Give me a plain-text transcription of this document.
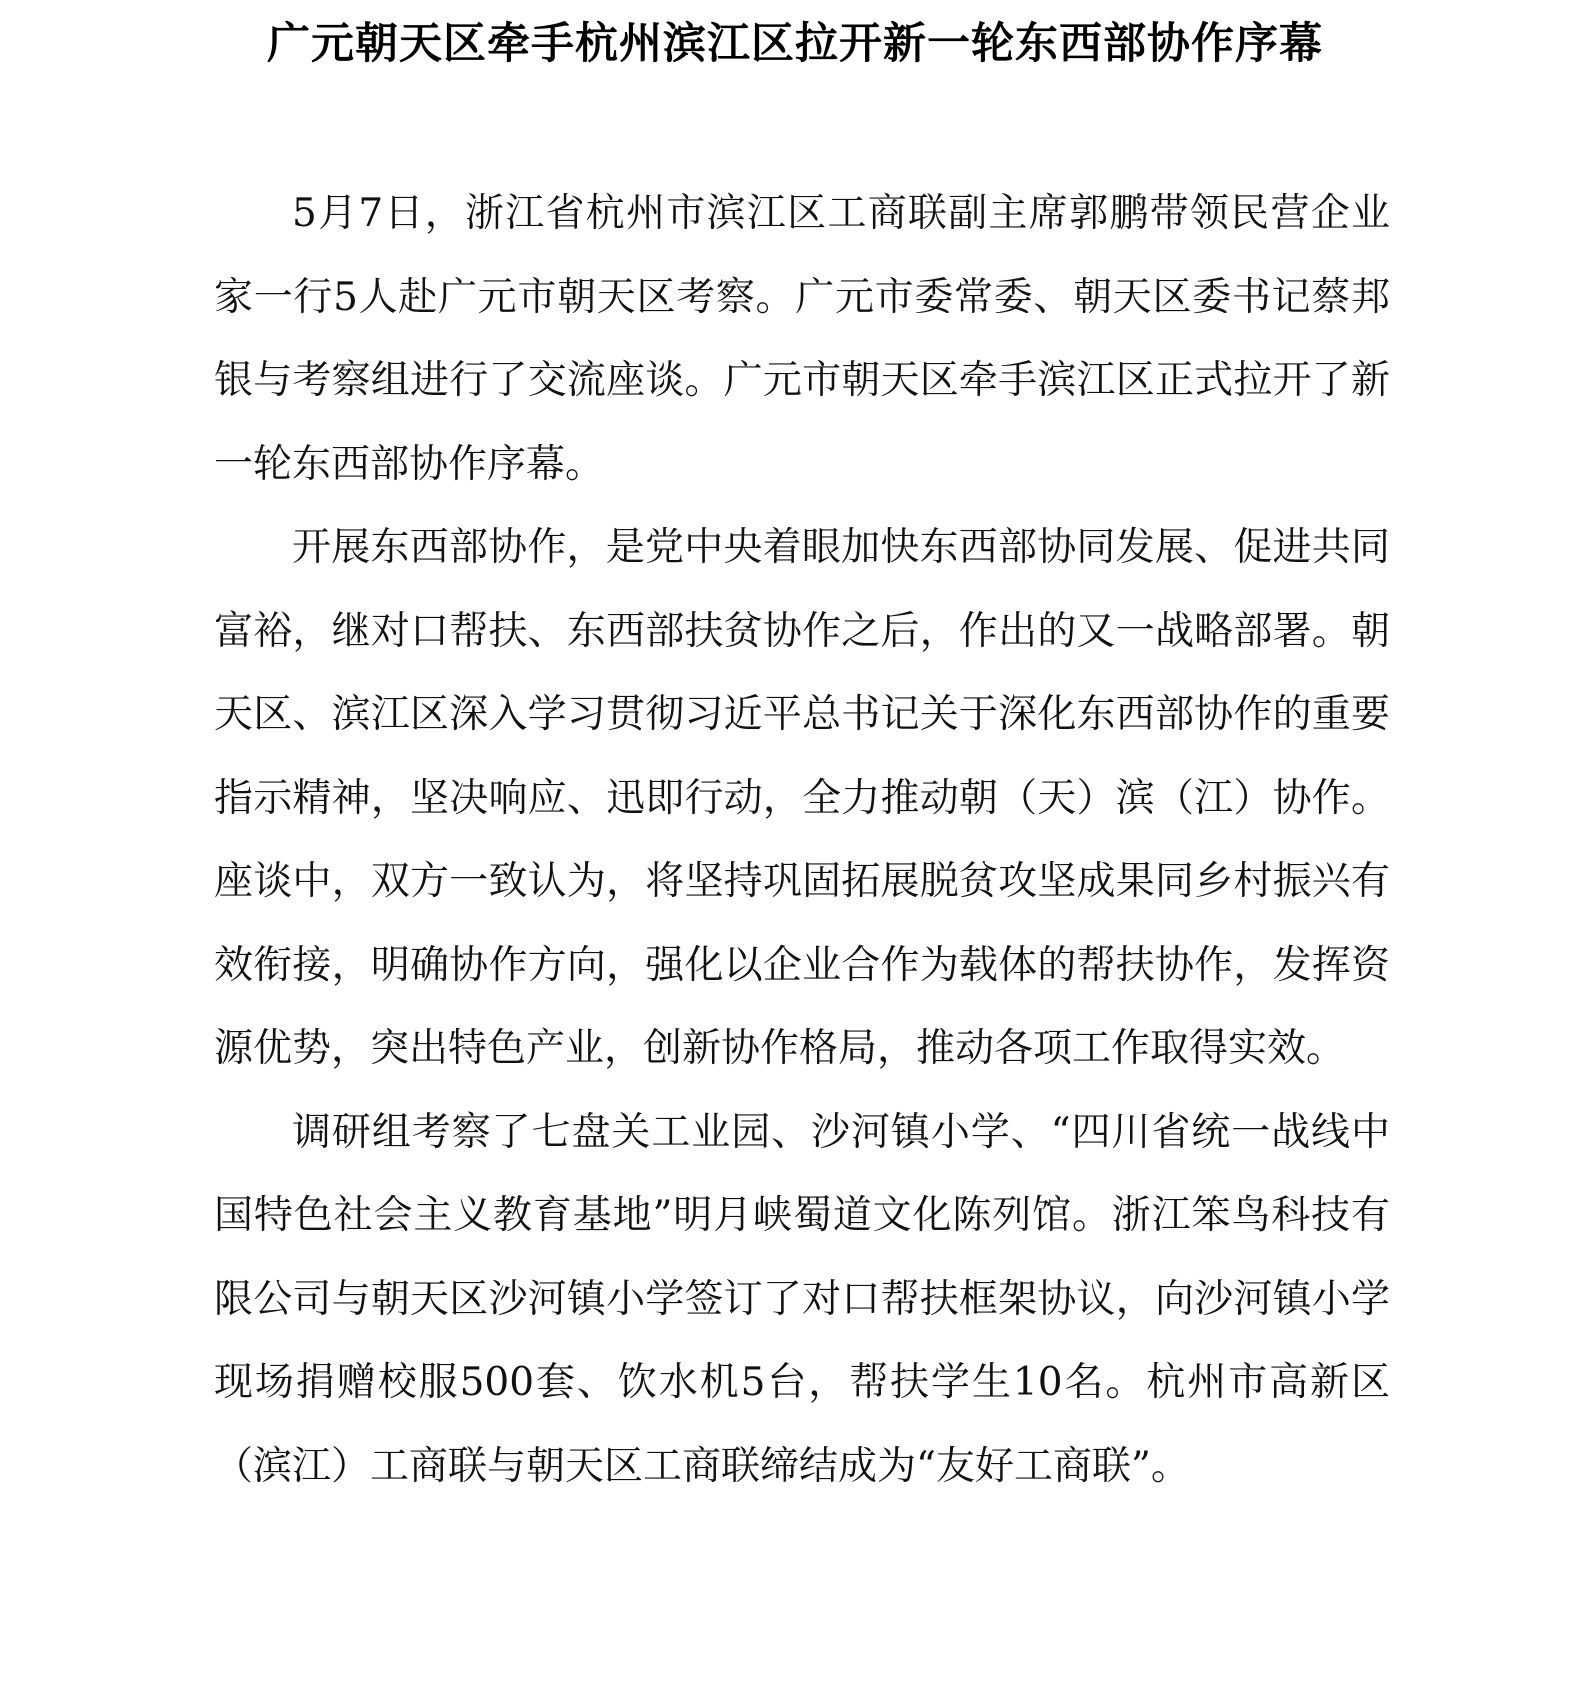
广元朝天区牵手杭州滨江区拉开新一轮东西部协作序幕

5月7日，浙江省杭州市滨江区工商联副主席郭鹏带领民营企业家一行5人赴广元市朝天区考察。广元市委常委、朝天区委书记蔡邦银与考察组进行了交流座谈。广元市朝天区牵手滨江区正式拉开了新一轮东西部协作序幕。

开展东西部协作，是党中央着眼加快东西部协同发展、促进共同富裕，继对口帮扶、东西部扶贫协作之后，作出的又一战略部署。朝天区、滨江区深入学习贯彻习近平总书记关于深化东西部协作的重要指示精神，坚决响应、迅即行动，全力推动朝（天）滨（江）协作。座谈中，双方一致认为，将坚持巩固拓展脱贫攻坚成果同乡村振兴有效衔接，明确协作方向，强化以企业合作为载体的帮扶协作，发挥资源优势，突出特色产业，创新协作格局，推动各项工作取得实效。

调研组考察了七盘关工业园、沙河镇小学、“四川省统一战线中国特色社会主义教育基地”明月峡蜀道文化陈列馆。浙江笨鸟科技有限公司与朝天区沙河镇小学签订了对口帮扶框架协议，向沙河镇小学现场捐赠校服500套、饮水机5台，帮扶学生10名。杭州市高新区（滨江）工商联与朝天区工商联缔结成为“友好工商联”。
